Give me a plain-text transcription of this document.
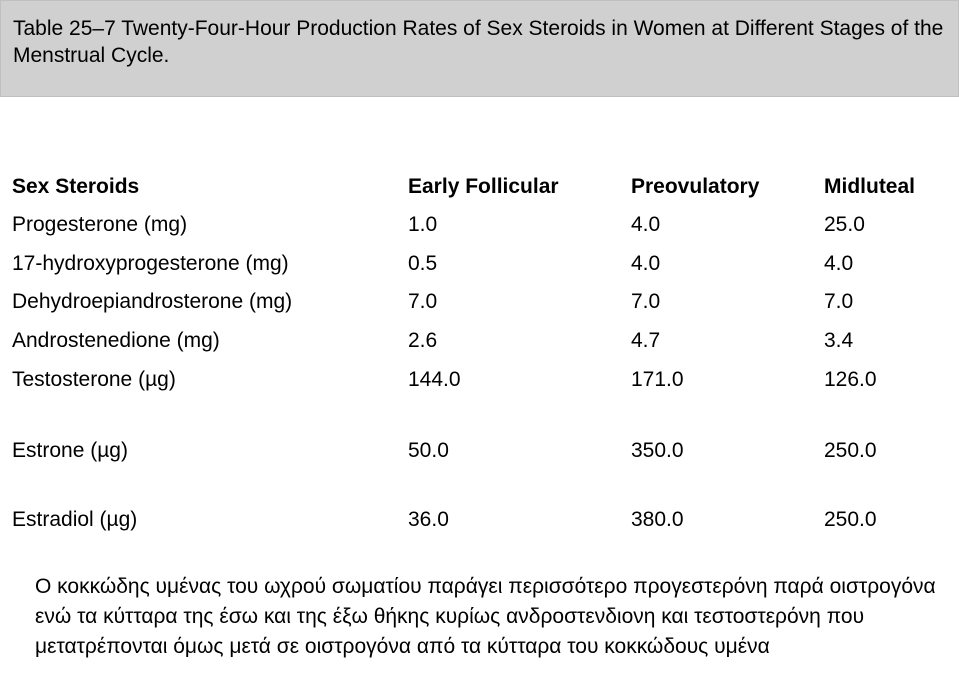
Table 25–7 Twenty-Four-Hour Production Rates of Sex Steroids in Women at Different Stages of the Menstrual Cycle.
Sex Steroids	Early Follicular	Preovulatory	Midluteal
Progesterone (mg)	1.0	4.0	25.0
17-hydroxyprogesterone (mg)	0.5	4.0	4.0
Dehydroepiandrosterone (mg)	7.0	7.0	7.0
Androstenedione (mg)	2.6	4.7	3.4
Testosterone (µg)	144.0	171.0	126.0
Estrone (µg)	50.0	350.0	250.0
Estradiol (µg)	36.0	380.0	250.0

Ο κοκκώδης υμένας του ωχρού σωματίου παράγει περισσότερο προγεστερόνη παρά οιστρογόνα ενώ τα κύτταρα της έσω και της έξω θήκης κυρίως ανδροστενδιονη και τεστοστερόνη που μετατρέπονται όμως μετά σε οιστρογόνα από τα κύτταρα του κοκκώδους υμένα
